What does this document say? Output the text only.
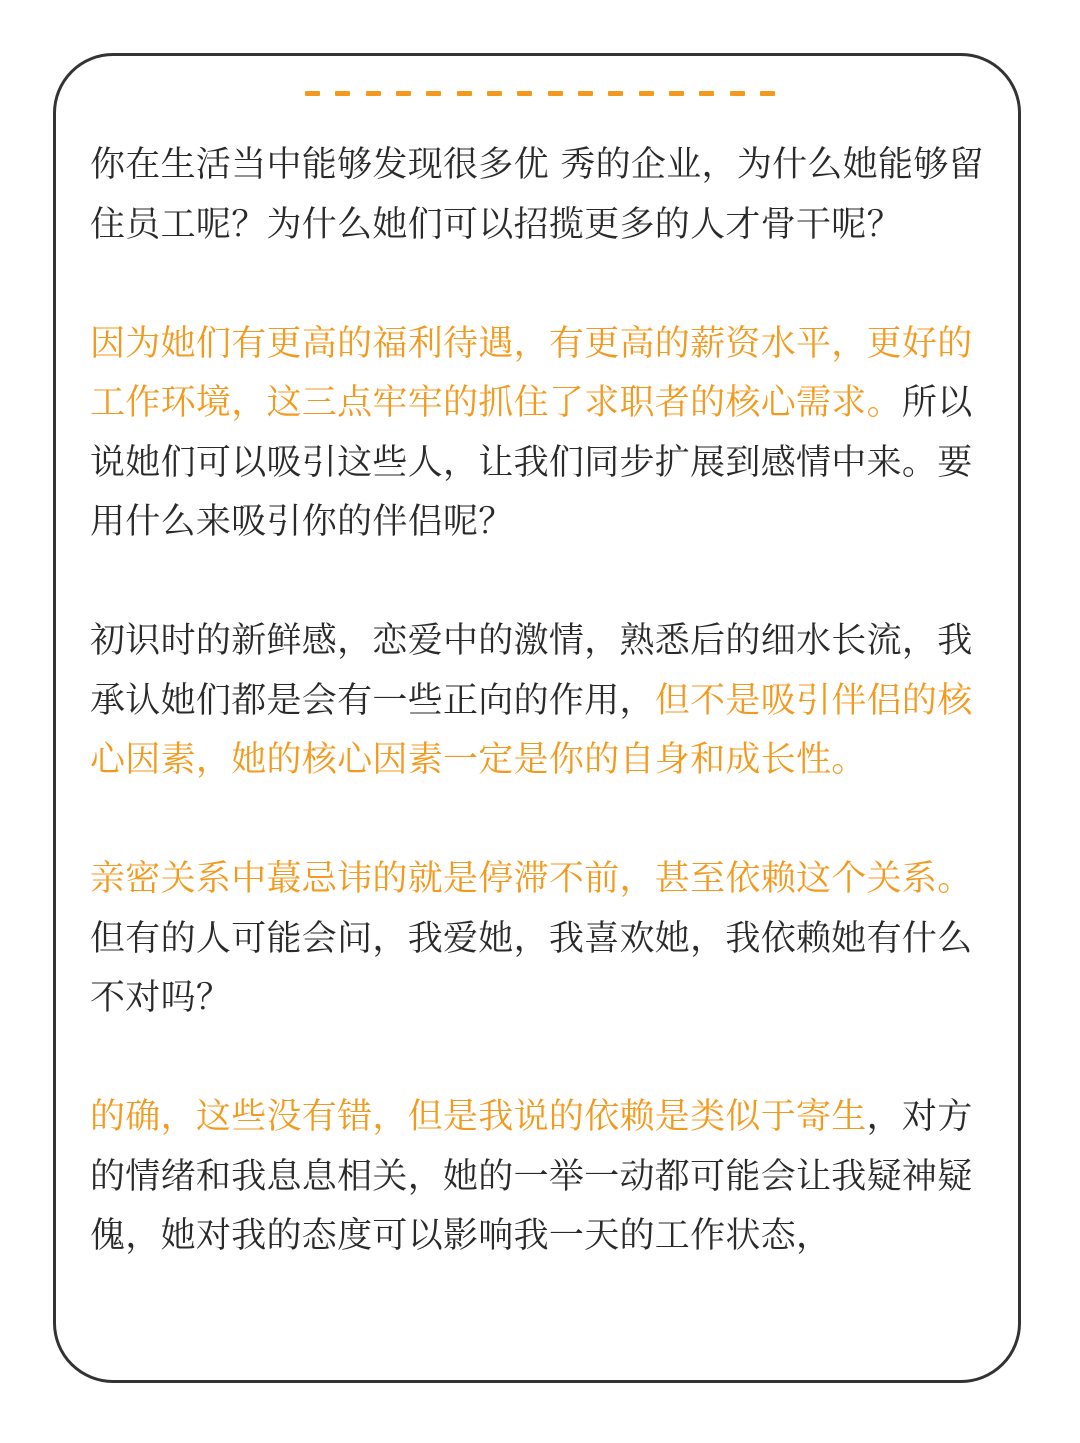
你在生活当中能够发现很多优 秀的企业，为什么她能够留住员工呢？为什么她们可以招揽更多的人才骨干呢？

因为她们有更高的福利待遇，有更高的薪资水平，更好的工作环境，这三点牢牢的抓住了求职者的核心需求。所以说她们可以吸引这些人，让我们同步扩展到感情中来。要用什么来吸引你的伴侣呢？

初识时的新鲜感，恋爱中的激情，熟悉后的细水长流，我承认她们都是会有一些正向的作用，但不是吸引伴侣的核心因素，她的核心因素一定是你的自身和成长性。

亲密关系中蕞忌讳的就是停滞不前，甚至依赖这个关系。但有的人可能会问，我爱她，我喜欢她，我依赖她有什么不对吗？

的确，这些没有错，但是我说的依赖是类似于寄生，对方的情绪和我息息相关，她的一举一动都可能会让我疑神疑傀，她对我的态度可以影响我一天的工作状态，
